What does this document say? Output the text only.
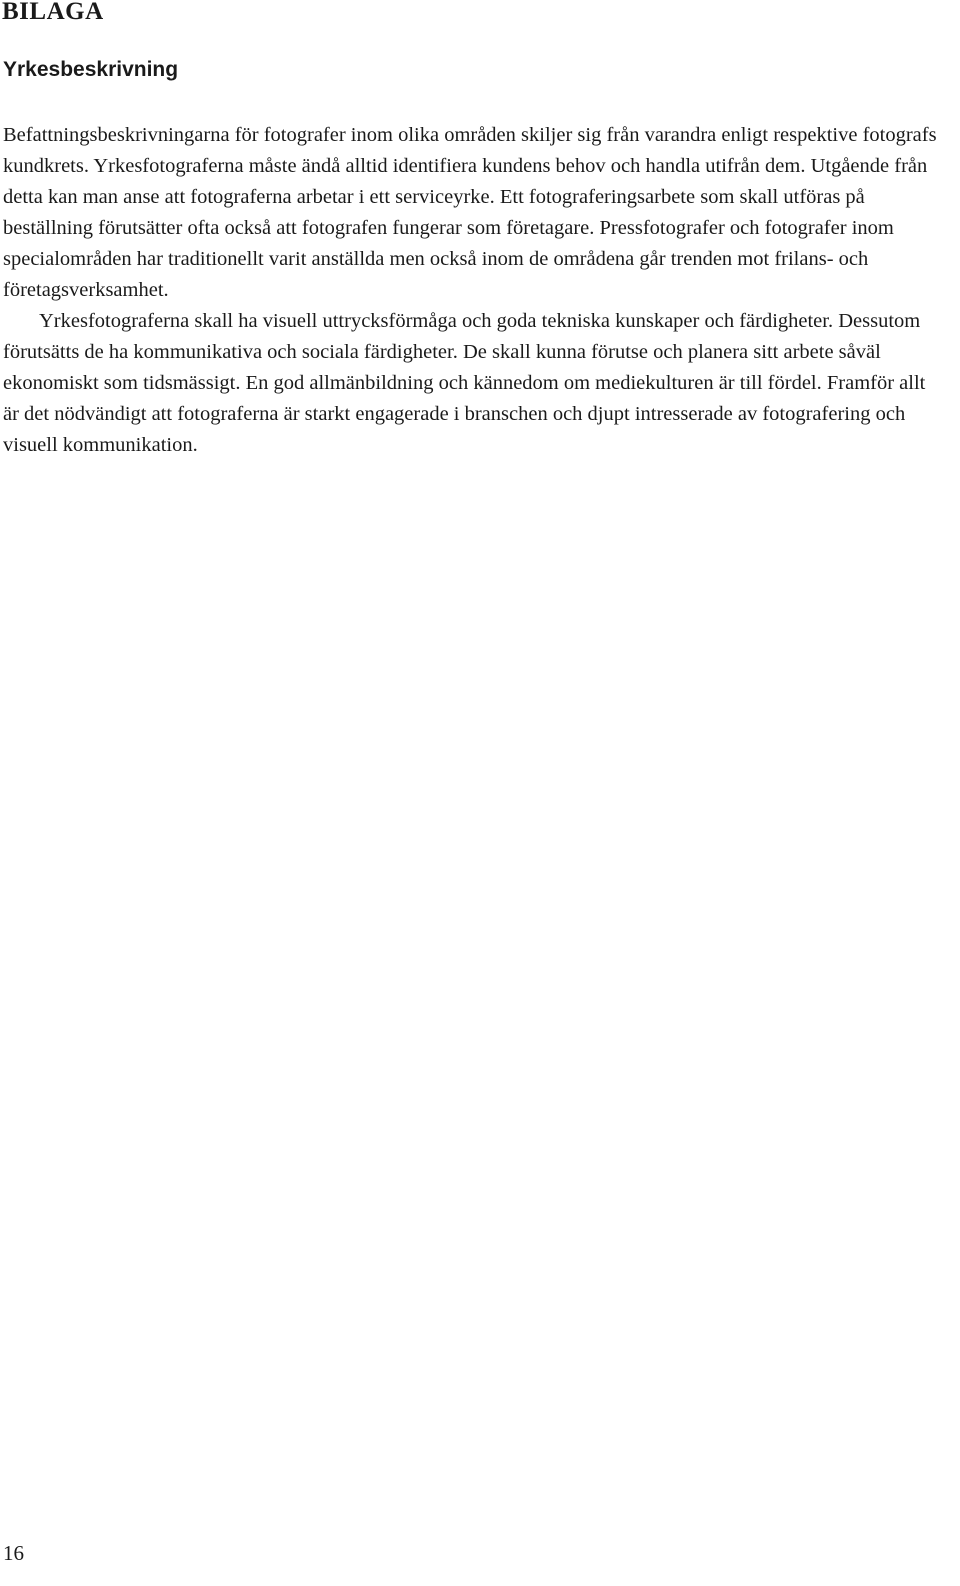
BILAGA
Yrkesbeskrivning

Befattningsbeskrivningarna för fotografer inom olika områden skiljer sig från varandra enligt respektive fotografs kundkrets. Yrkesfotograferna måste ändå alltid identifiera kundens behov och handla utifrån dem. Utgående från detta kan man anse att fotograferna arbetar i ett serviceyrke. Ett fotograferingsarbete som skall utföras på beställning förutsätter ofta också att fotografen fungerar som företagare. Pressfotografer och fotografer inom specialområden har traditionellt varit anställda men också inom de områdena går trenden mot frilans- och företagsverksamhet.

Yrkesfotograferna skall ha visuell uttrycksförmåga och goda tekniska kunskaper och färdigheter. Dessutom förutsätts de ha kommunikativa och sociala färdigheter. De skall kunna förutse och planera sitt arbete såväl ekonomiskt som tidsmässigt. En god allmänbildning och kännedom om mediekulturen är till fördel. Framför allt är det nödvändigt att fotograferna är starkt engagerade i branschen och djupt intresserade av fotografering och visuell kommunikation.

16
